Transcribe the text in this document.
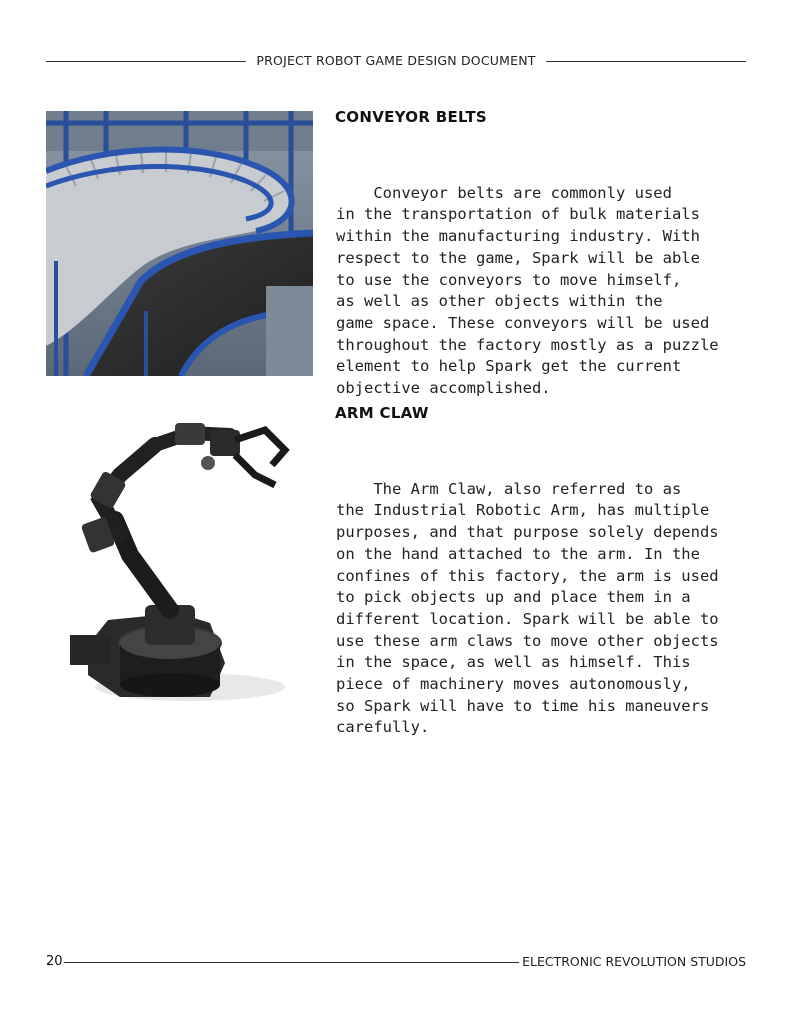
PROJECT ROBOT GAME DESIGN DOCUMENT
CONVEYOR BELTS

Conveyor belts are commonly used
in the transportation of bulk materials
within the manufacturing industry. With
respect to the game, Spark will be able
to use the conveyors to move himself,
as well as other objects within the
game space. These conveyors will be used
throughout the factory mostly as a puzzle
element to help Spark get the current
objective accomplished.

ARM CLAW

The Arm Claw, also referred to as
the Industrial Robotic Arm, has multiple
purposes, and that purpose solely depends
on the hand attached to the arm. In the
confines of this factory, the arm is used
to pick objects up and place them in a
different location. Spark will be able to
use these arm claws to move other objects
in the space, as well as himself. This
piece of machinery moves autonomously,
so Spark will have to time his maneuvers
carefully.

20	ELECTRONIC REVOLUTION STUDIOS
